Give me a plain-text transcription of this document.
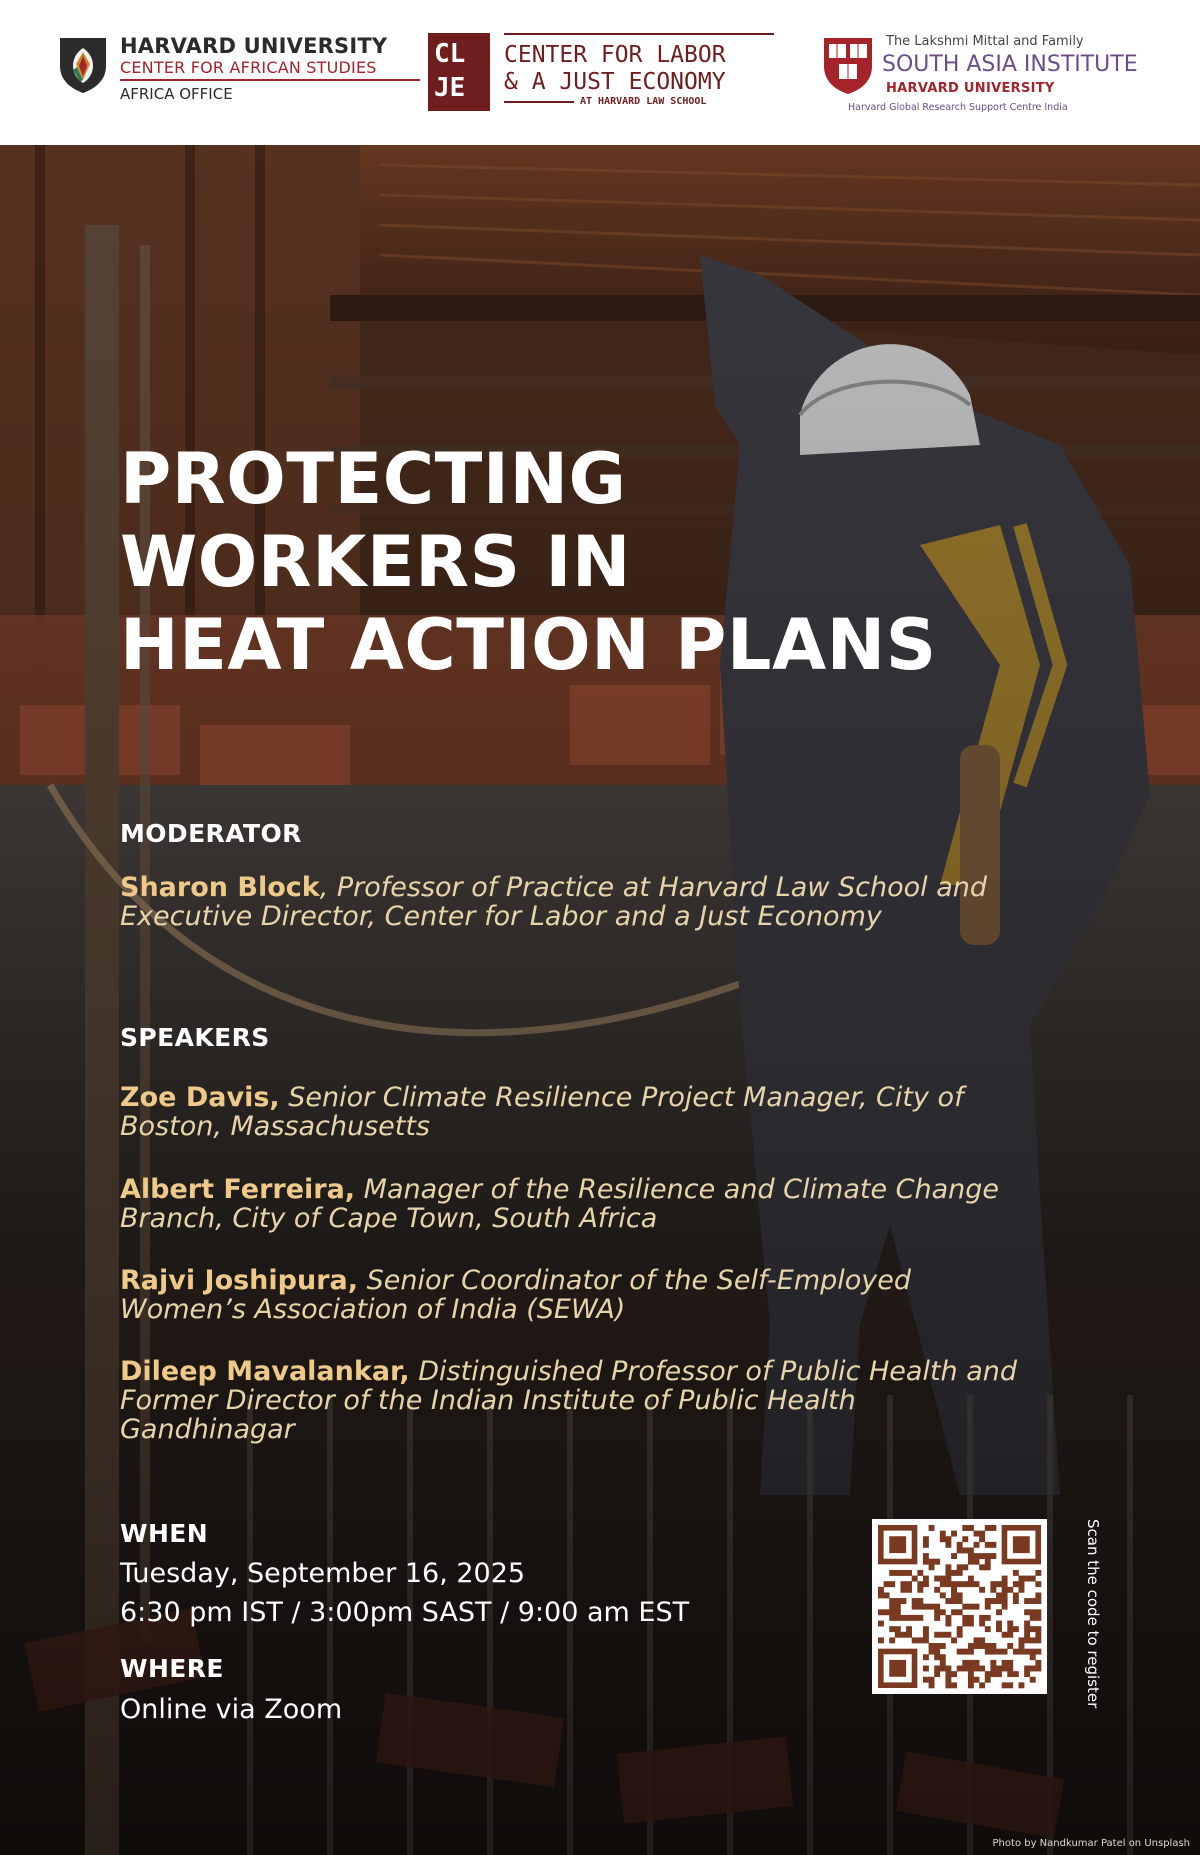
HARVARD UNIVERSITY
CENTER FOR AFRICAN STUDIES
AFRICA OFFICE
CL
JE
CENTER FOR LABOR
& A JUST ECONOMY
AT HARVARD LAW SCHOOL
The Lakshmi Mittal and Family
SOUTH ASIA INSTITUTE
HARVARD UNIVERSITY
Harvard Global Research Support Centre India
PROTECTING
WORKERS IN
HEAT ACTION PLANS
MODERATOR
Sharon Block, Professor of Practice at Harvard Law School and Executive Director, Center for Labor and a Just Economy
SPEAKERS
Zoe Davis, Senior Climate Resilience Project Manager, City of Boston, Massachusetts
Albert Ferreira, Manager of the Resilience and Climate Change Branch, City of Cape Town, South Africa
Rajvi Joshipura, Senior Coordinator of the Self-Employed Women’s Association of India (SEWA)
Dileep Mavalankar, Distinguished Professor of Public Health and Former Director of the Indian Institute of Public Health Gandhinagar
WHEN
Tuesday, September 16, 2025
6:30 pm IST / 3:00pm SAST / 9:00 am EST
WHERE
Online via Zoom
Scan the code to register
Photo by Nandkumar Patel on Unsplash
